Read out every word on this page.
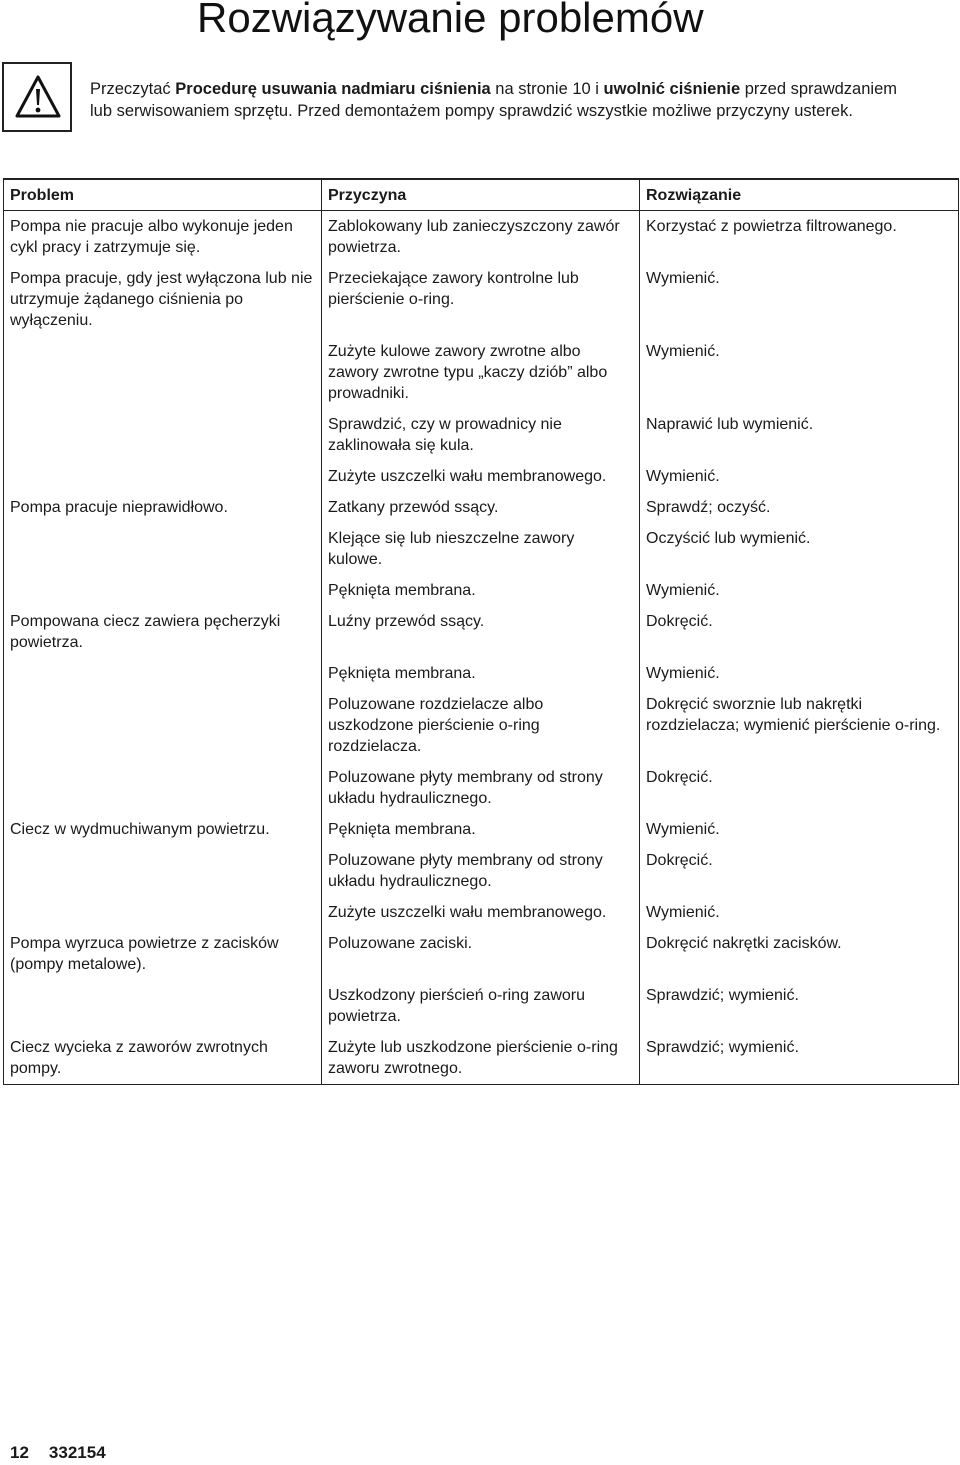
Rozwiązywanie problemów
Przeczytać Procedurę usuwania nadmiaru ciśnienia na stronie 10 i uwolnić ciśnienie przed sprawdzaniem
lub serwisowaniem sprzętu. Przed demontażem pompy sprawdzić wszystkie możliwe przyczyny usterek.
Problem	Przyczyna	Rozwiązanie
Pompa nie pracuje albo wykonuje jeden cykl pracy i zatrzymuje się.	Zablokowany lub zanieczyszczony zawór powietrza.	Korzystać z powietrza filtrowanego.
Pompa pracuje, gdy jest wyłączona lub nie utrzymuje żądanego ciśnienia po wyłączeniu.	Przeciekające zawory kontrolne lub pierścienie o-ring.	Wymienić.
	Zużyte kulowe zawory zwrotne albo zawory zwrotne typu „kaczy dziób” albo prowadniki.	Wymienić.
	Sprawdzić, czy w prowadnicy nie zaklinowała się kula.	Naprawić lub wymienić.
	Zużyte uszczelki wału membranowego.	Wymienić.
Pompa pracuje nieprawidłowo.	Zatkany przewód ssący.	Sprawdź; oczyść.
	Klejące się lub nieszczelne zawory kulowe.	Oczyścić lub wymienić.
	Pęknięta membrana.	Wymienić.
Pompowana ciecz zawiera pęcherzyki powietrza.	Luźny przewód ssący.	Dokręcić.
	Pęknięta membrana.	Wymienić.
	Poluzowane rozdzielacze albo uszkodzone pierścienie o-ring rozdzielacza.	Dokręcić sworznie lub nakrętki rozdzielacza; wymienić pierścienie o-ring.
	Poluzowane płyty membrany od strony układu hydraulicznego.	Dokręcić.
Ciecz w wydmuchiwanym powietrzu.	Pęknięta membrana.	Wymienić.
	Poluzowane płyty membrany od strony układu hydraulicznego.	Dokręcić.
	Zużyte uszczelki wału membranowego.	Wymienić.
Pompa wyrzuca powietrze z zacisków (pompy metalowe).	Poluzowane zaciski.	Dokręcić nakrętki zacisków.
	Uszkodzony pierścień o-ring zaworu powietrza.	Sprawdzić; wymienić.
Ciecz wycieka z zaworów zwrotnych pompy.	Zużyte lub uszkodzone pierścienie o-ring zaworu zwrotnego.	Sprawdzić; wymienić.
12 332154
